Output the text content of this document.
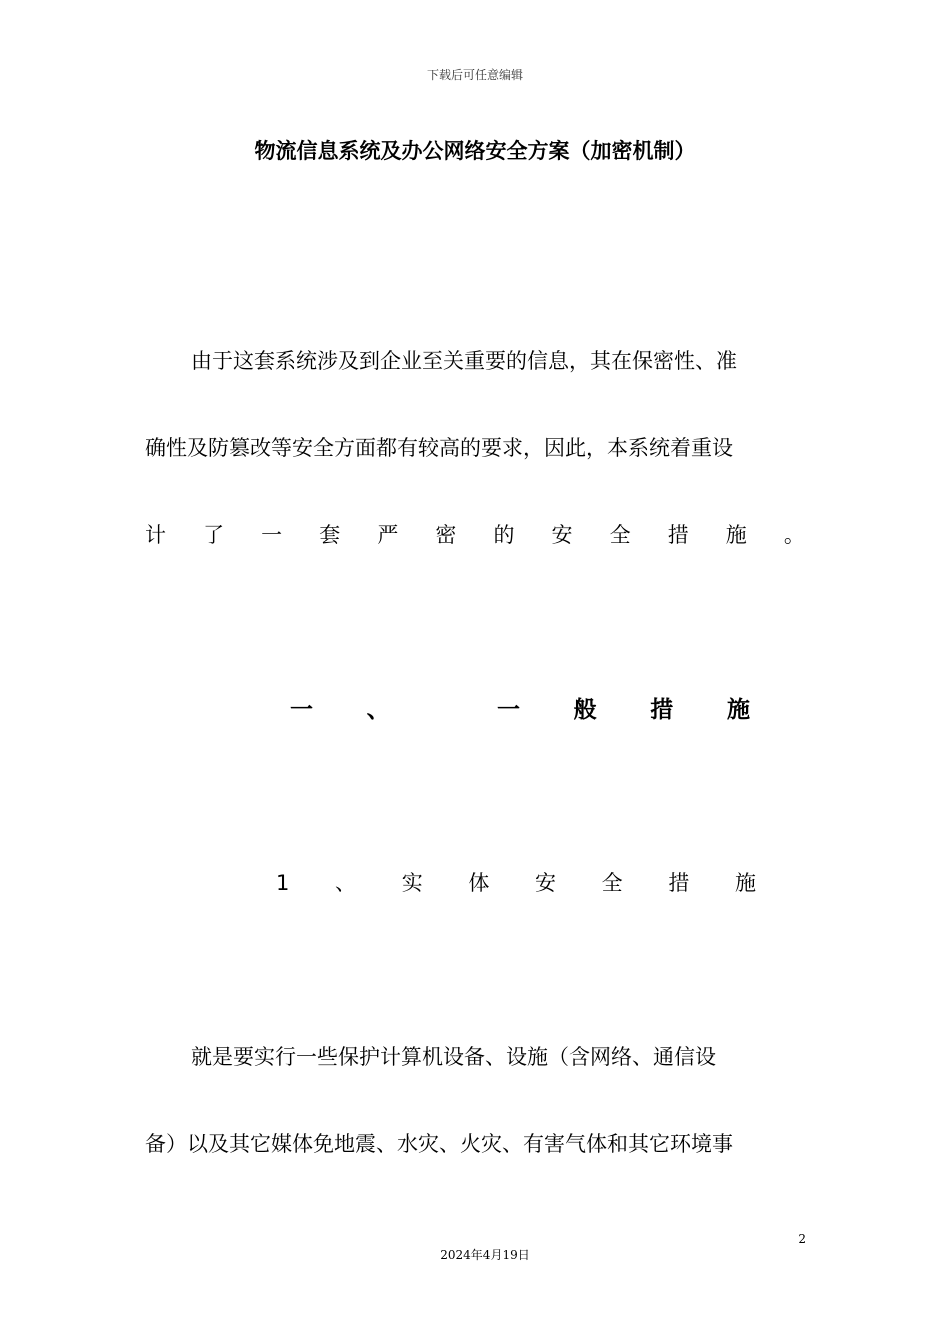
下载后可任意编辑
物流信息系统及办公网络安全方案（加密机制）
由于这套系统涉及到企业至关重要的信息，其在保密性、准
确性及防篡改等安全方面都有较高的要求，因此，本系统着重设
计 了 一 套 严 密 的 安 全 措 施 。
一 、	一 般 措 施
1 、 实 体 安 全 措 施
就是要实行一些保护计算机设备、设施（含网络、通信设
备）以及其它媒体免地震、水灾、火灾、有害气体和其它环境事
2
2024年4月19日
